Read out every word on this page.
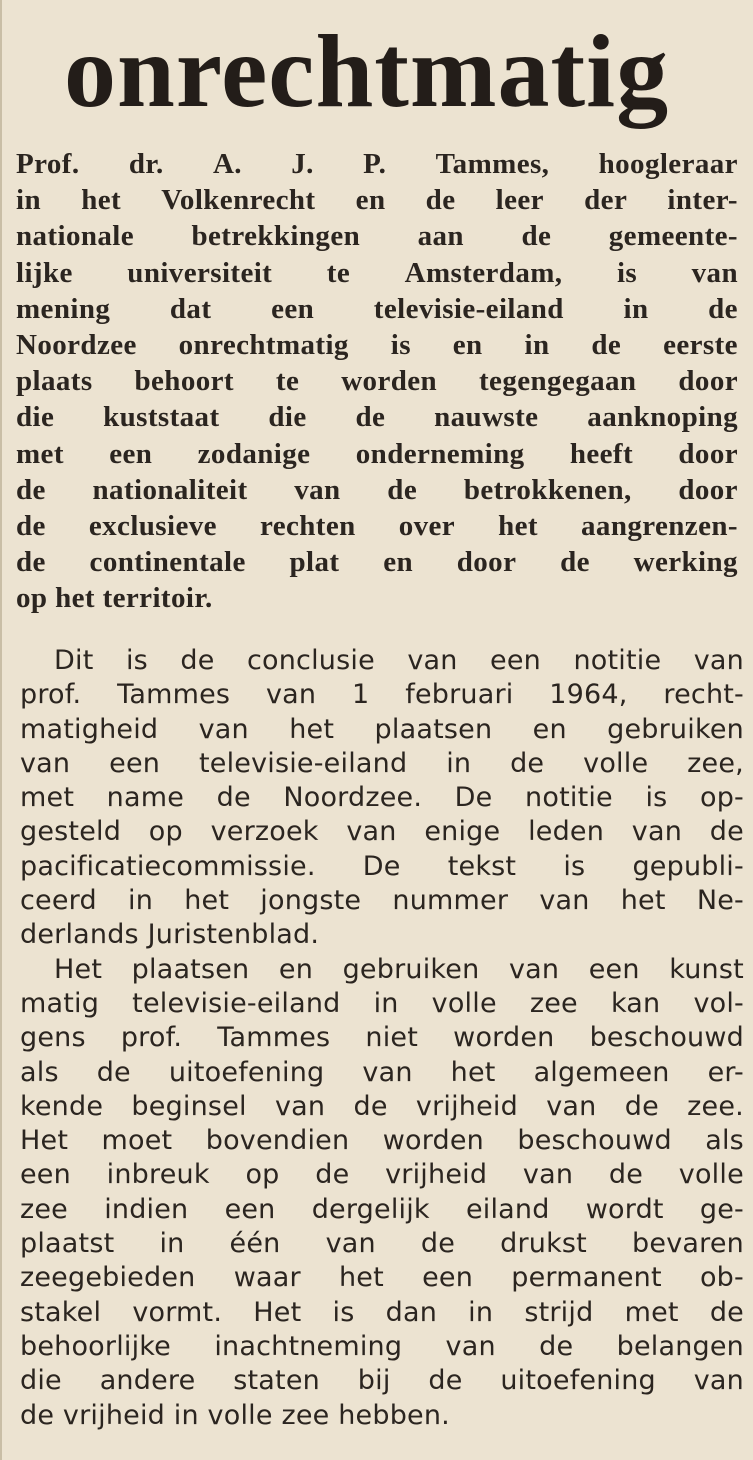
onrechtmatig
Prof. dr. A. J. P. Tammes, hoogleraar
in het Volkenrecht en de leer der inter-
nationale betrekkingen aan de gemeente-
lijke universiteit te Amsterdam, is van
mening dat een televisie-eiland in de
Noordzee onrechtmatig is en in de eerste
plaats behoort te worden tegengegaan door
die kuststaat die de nauwste aanknoping
met een zodanige onderneming heeft door
de nationaliteit van de betrokkenen, door
de exclusieve rechten over het aangrenzen-
de continentale plat en door de werking
op het territoir.
Dit is de conclusie van een notitie van
prof. Tammes van 1 februari 1964, recht-
matigheid van het plaatsen en gebruiken
van een televisie-eiland in de volle zee,
met name de Noordzee. De notitie is op-
gesteld op verzoek van enige leden van de
pacificatiecommissie. De tekst is gepubli-
ceerd in het jongste nummer van het Ne-
derlands Juristenblad.
Het plaatsen en gebruiken van een kunst
matig televisie-eiland in volle zee kan vol-
gens prof. Tammes niet worden beschouwd
als de uitoefening van het algemeen er-
kende beginsel van de vrijheid van de zee.
Het moet bovendien worden beschouwd als
een inbreuk op de vrijheid van de volle
zee indien een dergelijk eiland wordt ge-
plaatst in één van de drukst bevaren
zeegebieden waar het een permanent ob-
stakel vormt. Het is dan in strijd met de
behoorlijke inachtneming van de belangen
die andere staten bij de uitoefening van
de vrijheid in volle zee hebben.
